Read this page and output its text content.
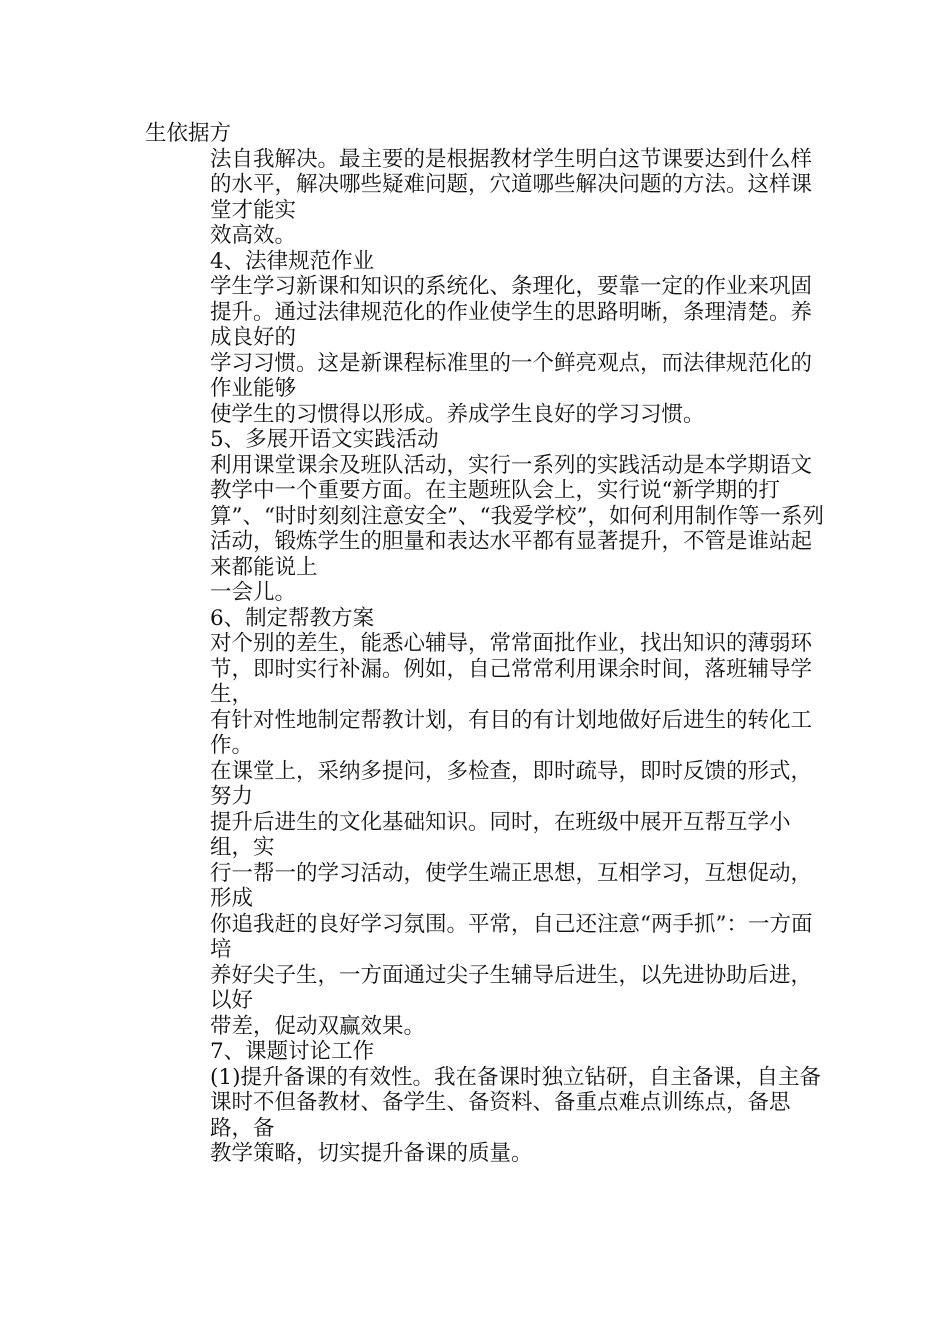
生依据方

法自我解决。最主要的是根据教材学生明白这节课要达到什么样的水平，解决哪些疑难问题，穴道哪些解决问题的方法。这样课堂才能实

效高效。

4、法律规范作业

学生学习新课和知识的系统化、条理化，要靠一定的作业来巩固

提升。通过法律规范化的作业使学生的思路明晰，条理清楚。养成良好的

学习习惯。这是新课程标准里的一个鲜亮观点，而法律规范化的作业能够

使学生的习惯得以形成。养成学生良好的学习习惯。

5、多展开语文实践活动

利用课堂课余及班队活动，实行一系列的实践活动是本学期语文

教学中一个重要方面。在主题班队会上，实行说“新学期的打算”、“时时刻刻注意安全”、“我爱学校”，如何利用制作等一系列活动，锻炼学生的胆量和表达水平都有显著提升，不管是谁站起来都能说上

一会儿。

6、制定帮教方案

对个别的差生，能悉心辅导，常常面批作业，找出知识的薄弱环节，即时实行补漏。例如，自己常常利用课余时间，落班辅导学生，

有针对性地制定帮教计划，有目的有计划地做好后进生的转化工作。

在课堂上，采纳多提问，多检查，即时疏导，即时反馈的形式，努力

提升后进生的文化基础知识。同时，在班级中展开互帮互学小组，实

行一帮一的学习活动，使学生端正思想，互相学习，互想促动，形成

你追我赶的良好学习氛围。平常，自己还注意“两手抓”：一方面培

养好尖子生，一方面通过尖子生辅导后进生，以先进协助后进，以好

带差，促动双赢效果。

7、课题讨论工作

(1)提升备课的有效性。我在备课时独立钻研，自主备课，自主备

课时不但备教材、备学生、备资料、备重点难点训练点，备思路，备

教学策略，切实提升备课的质量。
